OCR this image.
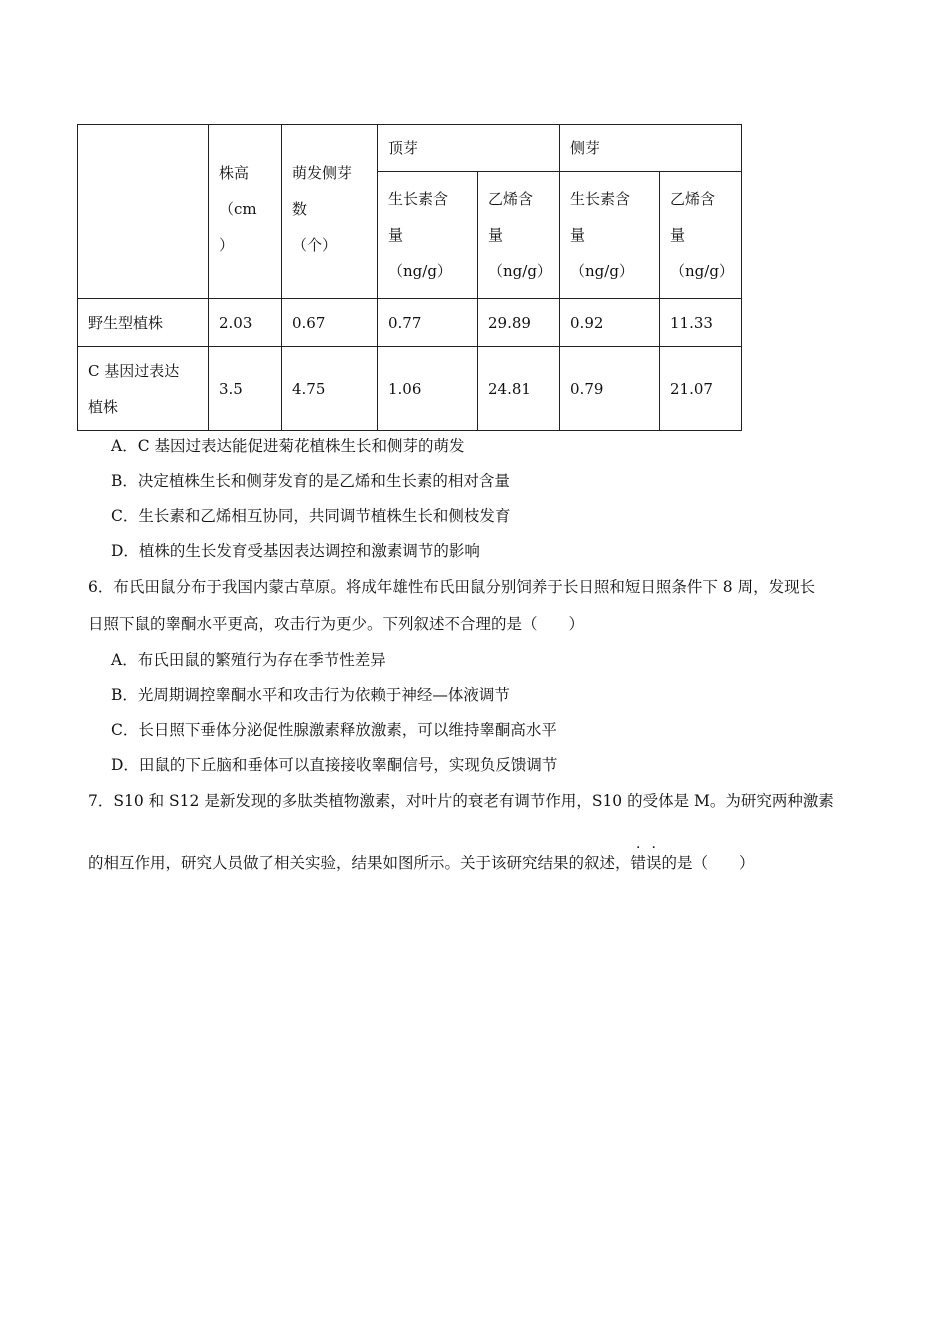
	株高
（cm
）	萌发侧芽
数
（个）	顶芽		侧芽	
			生长素含
量
（ng/g）	乙烯含
量
（ng/g）	生长素含
量
（ng/g）	乙烯含
量
（ng/g）
野生型植株	2.03	0.67	0.77	29.89	0.92	11.33
C 基因过表达
植株	3.5	4.75	1.06	24.81	0.79	21.07
A．C 基因过表达能促进菊花植株生长和侧芽的萌发
B．决定植株生长和侧芽发育的是乙烯和生长素的相对含量
C．生长素和乙烯相互协同，共同调节植株生长和侧枝发育
D．植株的生长发育受基因表达调控和激素调节的影响
6．布氏田鼠分布于我国内蒙古草原。将成年雄性布氏田鼠分别饲养于长日照和短日照条件下 8 周，发现长
日照下鼠的睾酮水平更高，攻击行为更少。下列叙述不合理的是（　　）
A．布氏田鼠的繁殖行为存在季节性差异
B．光周期调控睾酮水平和攻击行为依赖于神经—体液调节
C．长日照下垂体分泌促性腺激素释放激素，可以维持睾酮高水平
D．田鼠的下丘脑和垂体可以直接接收睾酮信号，实现负反馈调节
7．S10 和 S12 是新发现的多肽类植物激素，对叶片的衰老有调节作用，S10 的受体是 M。为研究两种激素
的相互作用，研究人员做了相关实验，结果如图所示。关于该研究结果的叙述，
·
错
·
误的是（　　）
